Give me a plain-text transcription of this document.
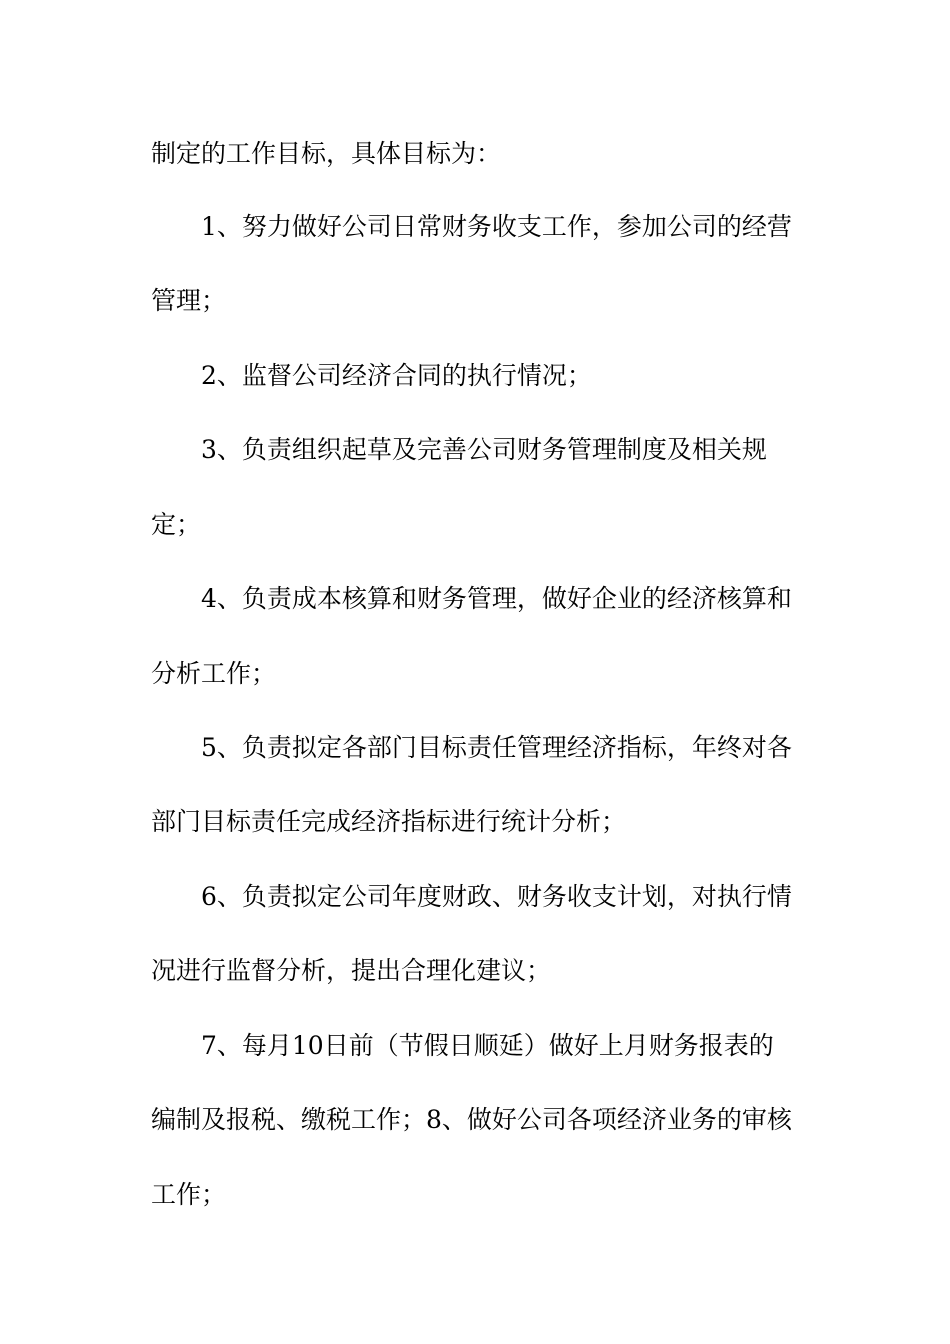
制定的工作目标，具体目标为：
1、努力做好公司日常财务收支工作，参加公司的经营
管理；
2、监督公司经济合同的执行情况；
3、负责组织起草及完善公司财务管理制度及相关规
定；
4、负责成本核算和财务管理，做好企业的经济核算和
分析工作；
5、负责拟定各部门目标责任管理经济指标，年终对各
部门目标责任完成经济指标进行统计分析；
6、负责拟定公司年度财政、财务收支计划，对执行情
况进行监督分析，提出合理化建议；
7、每月10日前（节假日顺延）做好上月财务报表的
编制及报税、缴税工作；8、做好公司各项经济业务的审核
工作；
